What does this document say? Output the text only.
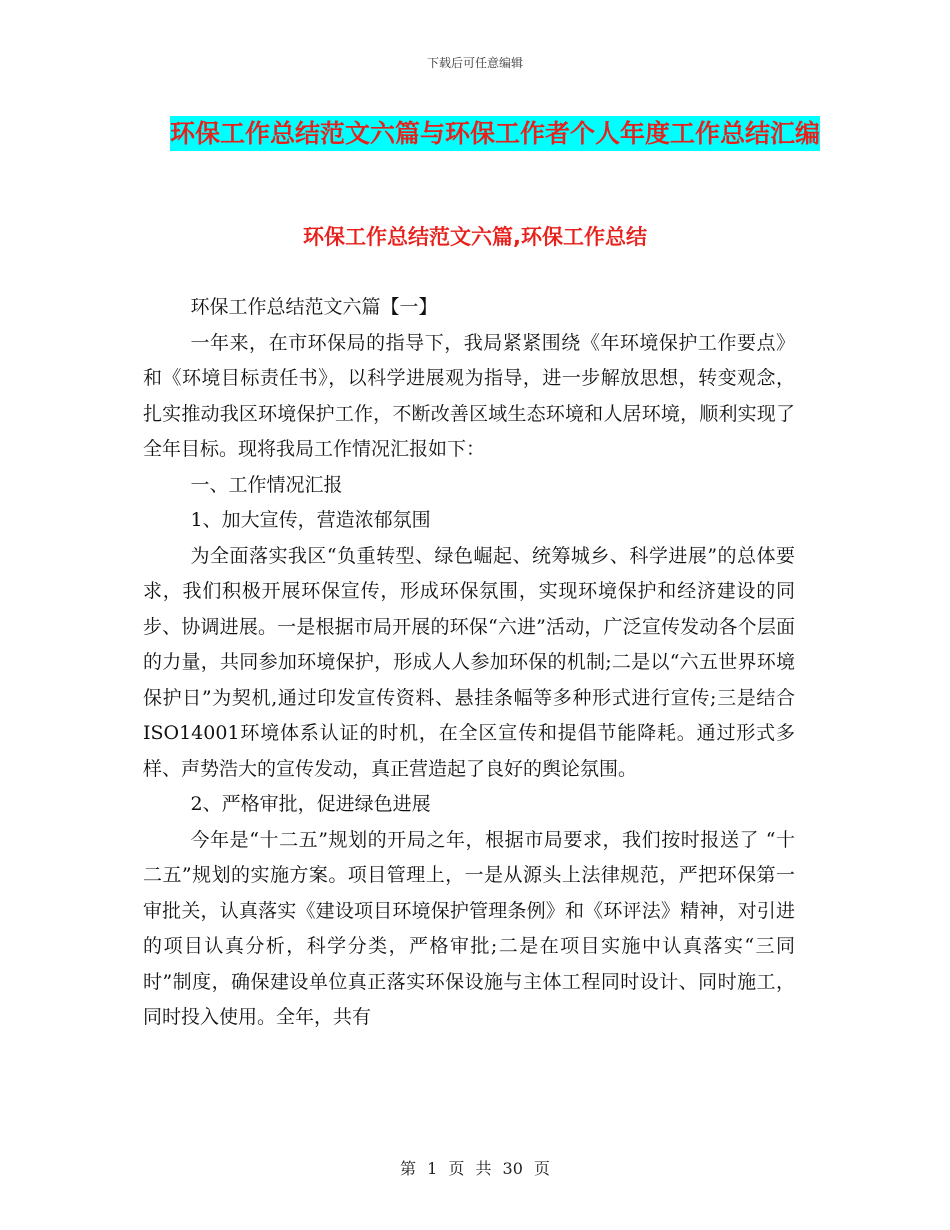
下载后可任意编辑
环保工作总结范文六篇与环保工作者个人年度工作总结汇编
环保工作总结范文六篇,环保工作总结

环保工作总结范文六篇【一】

一年来，在市环保局的指导下，我局紧紧围绕《年环境保护工作要点》和《环境目标责任书》，以科学进展观为指导，进一步解放思想，转变观念，扎实推动我区环境保护工作，不断改善区域生态环境和人居环境，顺利实现了全年目标。现将我局工作情况汇报如下：

一、工作情况汇报

1、加大宣传，营造浓郁氛围

为全面落实我区“负重转型、绿色崛起、统筹城乡、科学进展”的总体要求，我们积极开展环保宣传，形成环保氛围，实现环境保护和经济建设的同步、协调进展。一是根据市局开展的环保“六进”活动，广泛宣传发动各个层面的力量，共同参加环境保护，形成人人参加环保的机制;二是以“六五世界环境保护日”为契机,通过印发宣传资料、悬挂条幅等多种形式进行宣传;三是结合ISO14001环境体系认证的时机，在全区宣传和提倡节能降耗。通过形式多样、声势浩大的宣传发动，真正营造起了良好的舆论氛围。

2、严格审批，促进绿色进展

今年是“十二五”规划的开局之年，根据市局要求，我们按时报送了 “十二五”规划的实施方案。项目管理上，一是从源头上法律规范，严把环保第一审批关，认真落实《建设项目环境保护管理条例》和《环评法》精神，对引进的项目认真分析，科学分类，严格审批;二是在项目实施中认真落实“三同时”制度，确保建设单位真正落实环保设施与主体工程同时设计、同时施工，同时投入使用。全年，共有

第 1 页 共 30 页
